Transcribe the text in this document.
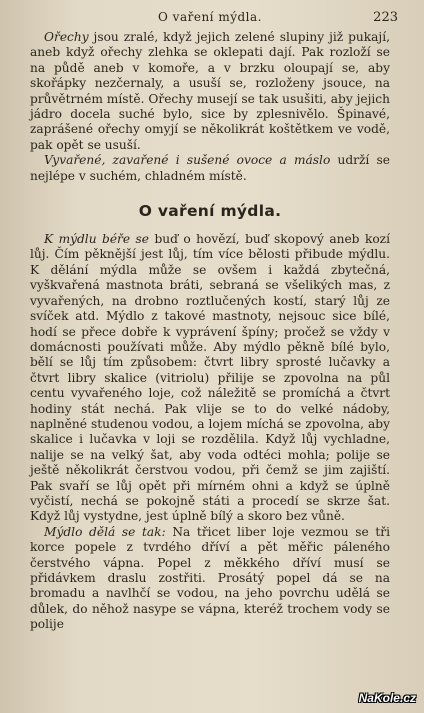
O vaření mýdla.	223

Ořechy jsou zralé, když jejich zelené slupiny již pukají, aneb když ořechy zlehka se oklepati dají. Pak rozloží se na půdě aneb v komoře, a v brzku oloupají se, aby skořápky nezčernaly, a usuší se, rozloženy jsouce, na průvětrném místě. Ořechy musejí se tak usušiti, aby jejich jádro docela suché bylo, sice by zplesnivělo. Špinavé, zaprášené ořechy omyjí se několikrát koštětkem ve vodě, pak opět se usuší.

Vyvařené, zavařené i sušené ovoce a máslo udrží se nejlépe v suchém, chladném místě.

O vaření mýdla.

K mýdlu béře se buď o hovězí, buď skopový aneb kozí lůj. Čím pěknější jest lůj, tím více bělosti přibude mýdlu. K dělání mýdla může se ovšem i každá zbytečná, vyškvařená mastnota bráti, sebraná se všelikých mas, z vyvařených, na drobno roztlučených kostí, starý lůj ze svíček atd. Mýdlo z takové mastnoty, nejsouc sice bílé, hodí se přece dobře k vyprávení špíny; pročež se vždy v domácnosti používati může. Aby mýdlo pěkně bílé bylo, bělí se lůj tím způsobem: čtvrt libry sprosté lučavky a čtvrt libry skalice (vitriolu) přilije se zpovolna na půl centu vyvařeného loje, což náležitě se promíchá a čtvrt hodiny stát nechá. Pak vlije se to do velké nádoby, naplněné studenou vodou, a lojem míchá se zpovolna, aby skalice i lučavka v loji se rozdělila. Když lůj vychladne, nalije se na velký šat, aby voda odtéci mohla; polije se ještě několikrát čerstvou vodou, při čemž se jim zajiští. Pak svaří se lůj opět při mírném ohni a když se úplně vyčistí, nechá se pokojně státi a procedí se skrze šat. Když lůj vystydne, jest úplně bílý a skoro bez vůně.

Mýdlo dělá se tak: Na třicet liber loje vezmou se tři korce popele z tvrdého dříví a pět měřic páleného čerstvého vápna. Popel z měkkého dříví musí se přidávkem draslu zostřiti. Prosátý popel dá se na bromadu a navlhčí se vodou, na jeho povrchu udělá se důlek, do něhož nasype se vápna, kteréž trochem vody se polije

NaKole.cz
